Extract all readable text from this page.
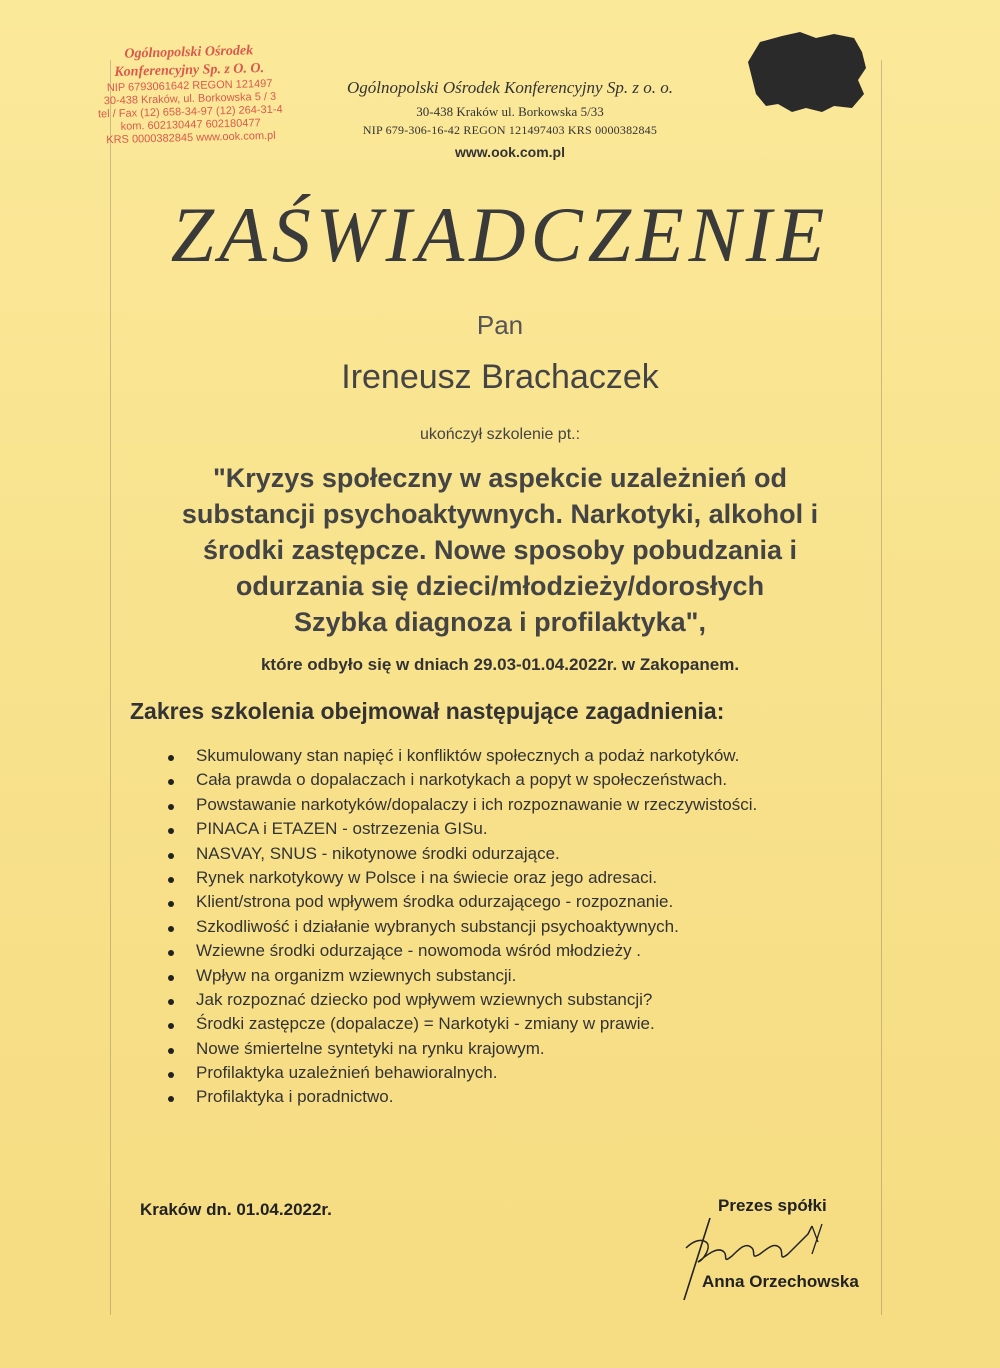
Ogólnopolski Ośrodek
Konferencyjny Sp. z O. O.
NIP 6793061642 REGON 121497
30-438 Kraków, ul. Borkowska 5 / 3
tel / Fax (12) 658-34-97 (12) 264-31-4
kom. 602130447 602180477
KRS 0000382845 www.ook.com.pl
Ogólnopolski Ośrodek Konferencyjny Sp. z o. o.
30-438 Kraków ul. Borkowska 5/33
NIP 679-306-16-42 REGON 121497403 KRS 0000382845
www.ook.com.pl
ZAŚWIADCZENIE
Pan
Ireneusz Brachaczek
ukończył szkolenie pt.:
"Kryzys społeczny w aspekcie uzależnień od
substancji psychoaktywnych. Narkotyki, alkohol i
środki zastępcze. Nowe sposoby pobudzania i
odurzania się dzieci/młodzieży/dorosłych
Szybka diagnoza i profilaktyka",
które odbyło się w dniach 29.03-01.04.2022r. w Zakopanem.
Zakres szkolenia obejmował następujące zagadnienia:
Skumulowany stan napięć i konfliktów społecznych a podaż narkotyków.
Cała prawda o dopalaczach i narkotykach a popyt w społeczeństwach.
Powstawanie narkotyków/dopalaczy i ich rozpoznawanie w rzeczywistości.
PINACA i ETAZEN - ostrzezenia GISu.
NASVAY, SNUS - nikotynowe środki odurzające.
Rynek narkotykowy w Polsce i na świecie oraz jego adresaci.
Klient/strona pod wpływem środka odurzającego - rozpoznanie.
Szkodliwość i działanie wybranych substancji psychoaktywnych.
Wziewne środki odurzające - nowomoda wśród młodzieży .
Wpływ na organizm wziewnych substancji.
Jak rozpoznać dziecko pod wpływem wziewnych substancji?
Środki zastępcze (dopalacze) = Narkotyki - zmiany w prawie.
Nowe śmiertelne syntetyki na rynku krajowym.
Profilaktyka uzależnień behawioralnych.
Profilaktyka i poradnictwo.
Kraków dn. 01.04.2022r.	Prezes spółki
Anna Orzechowska
